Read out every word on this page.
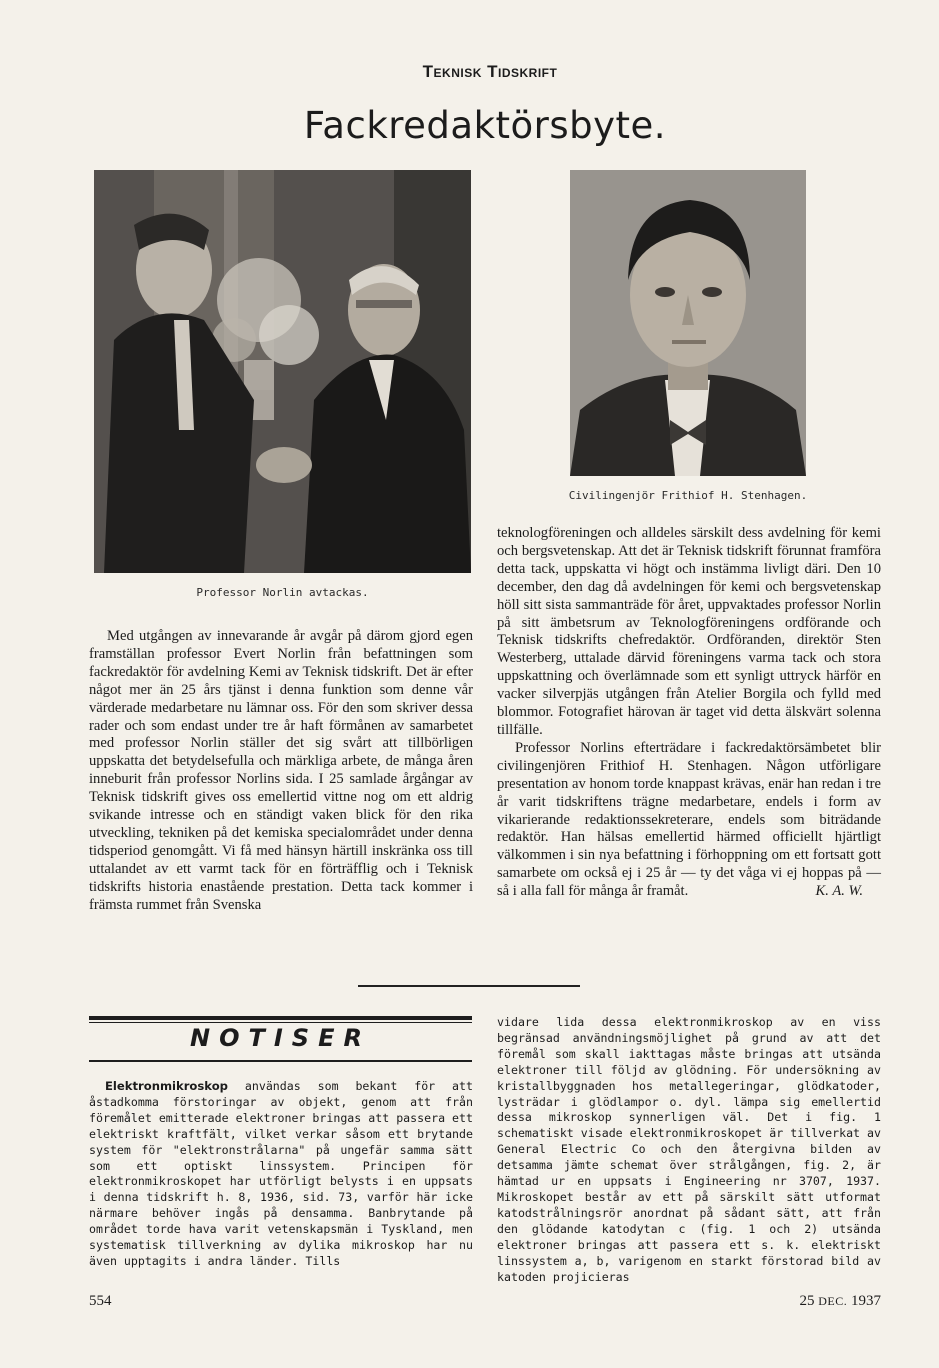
Teknisk Tidskrift
Fackredaktörsbyte.
Professor Norlin avtackas.
Civilingenjör Frithiof H. Stenhagen.

Med utgången av innevarande år avgår på därom gjord egen framställan professor Evert Norlin från befattningen som fackredaktör för avdelning Kemi av Teknisk tidskrift. Det är efter något mer än 25 års tjänst i denna funktion som denne vår värderade medarbetare nu lämnar oss. För den som skriver dessa rader och som endast under tre år haft förmånen av samarbetet med professor Norlin ställer det sig svårt att tillbörligen uppskatta det betydelsefulla och märkliga arbete, de många åren inneburit från professor Norlins sida. I 25 samlade årgångar av Teknisk tidskrift gives oss emellertid vittne nog om ett aldrig svikande intresse och en ständigt vaken blick för den rika utveckling, tekniken på det kemiska specialområdet under denna tidsperiod genomgått. Vi få med hänsyn härtill inskränka oss till uttalandet av ett varmt tack för en förträfflig och i Teknisk tidskrifts historia enastående prestation. Detta tack kommer i främsta rummet från Svenska

teknologföreningen och alldeles särskilt dess avdelning för kemi och bergsvetenskap. Att det är Teknisk tidskrift förunnat framföra detta tack, uppskatta vi högt och instämma livligt däri. Den 10 december, den dag då avdelningen för kemi och bergsvetenskap höll sitt sista sammanträde för året, uppvaktades professor Norlin på sitt ämbetsrum av Teknologföreningens ordförande och Teknisk tidskrifts chefredaktör. Ordföranden, direktör Sten Westerberg, uttalade därvid föreningens varma tack och stora uppskattning och överlämnade som ett synligt uttryck härför en vacker silverpjäs utgången från Atelier Borgila och fylld med blommor. Fotografiet härovan är taget vid detta älskvärt solenna tillfälle.

Professor Norlins efterträdare i fackredaktörsämbetet blir civilingenjören Frithiof H. Stenhagen. Någon utförligare presentation av honom torde knappast krävas, enär han redan i tre år varit tidskriftens trägne medarbetare, endels i form av vikarierande redaktionssekreterare, endels som biträdande redaktör. Han hälsas emellertid härmed officiellt hjärtligt välkommen i sin nya befattning i förhoppning om ett fortsatt gott samarbete om också ej i 25 år — ty det våga vi ej hoppas på — så i alla fall för många år framåt.	K. A. W.

NOTISER

Elektronmikroskop användas som bekant för att åstadkomma förstoringar av objekt, genom att från föremålet emitterade elektroner bringas att passera ett elektriskt kraftfält, vilket verkar såsom ett brytande system för "elektronstrålarna" på ungefär samma sätt som ett optiskt linssystem. Principen för elektronmikroskopet har utförligt belysts i en uppsats i denna tidskrift h. 8, 1936, sid. 73, varför här icke närmare behöver ingås på densamma. Banbrytande på området torde hava varit vetenskapsmän i Tyskland, men systematisk tillverkning av dylika mikroskop har nu även upptagits i andra länder. Tills

vidare lida dessa elektronmikroskop av en viss begränsad användningsmöjlighet på grund av att det föremål som skall iakttagas måste bringas att utsända elektroner till följd av glödning. För undersökning av kristallbyggnaden hos metallegeringar, glödkatoder, lysträdar i glödlampor o. dyl. lämpa sig emellertid dessa mikroskop synnerligen väl. Det i fig. 1 schematiskt visade elektronmikroskopet är tillverkat av General Electric Co och den återgivna bilden av detsamma jämte schemat över strålgången, fig. 2, är hämtad ur en uppsats i Engineering nr 3707, 1937. Mikroskopet består av ett på särskilt sätt utformat katodstrålningsrör anordnat på sådant sätt, att från den glödande katodytan c (fig. 1 och 2) utsända elektroner bringas att passera ett s. k. elektriskt linssystem a, b, varigenom en starkt förstorad bild av katoden projicieras

554	25 DEC. 1937
